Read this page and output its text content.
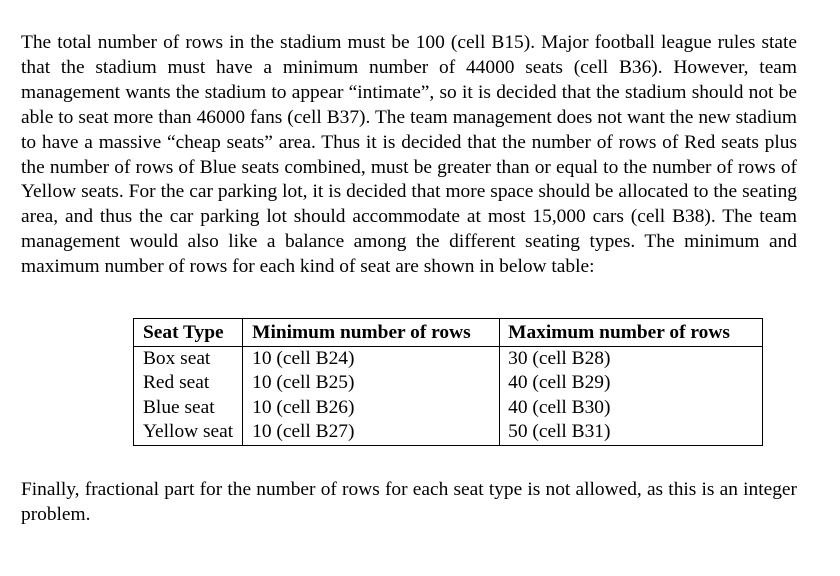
The total number of rows in the stadium must be 100 (cell B15). Major football league rules state that the stadium must have a minimum number of 44000 seats (cell B36). However, team management wants the stadium to appear “intimate”, so it is decided that the stadium should not be able to seat more than 46000 fans (cell B37). The team management does not want the new stadium to have a massive “cheap seats” area. Thus it is decided that the number of rows of Red seats plus the number of rows of Blue seats combined, must be greater than or equal to the number of rows of Yellow seats. For the car parking lot, it is decided that more space should be allocated to the seating area, and thus the car parking lot should accommodate at most 15,000 cars (cell B38). The team management would also like a balance among the different seating types. The minimum and maximum number of rows for each kind of seat are shown in below table:

Seat Type	Minimum number of rows	Maximum number of rows
Box seat	10 (cell B24)	30 (cell B28)
Red seat	10 (cell B25)	40 (cell B29)
Blue seat	10 (cell B26)	40 (cell B30)
Yellow seat	10 (cell B27)	50 (cell B31)

Finally, fractional part for the number of rows for each seat type is not allowed, as this is an integer problem.
